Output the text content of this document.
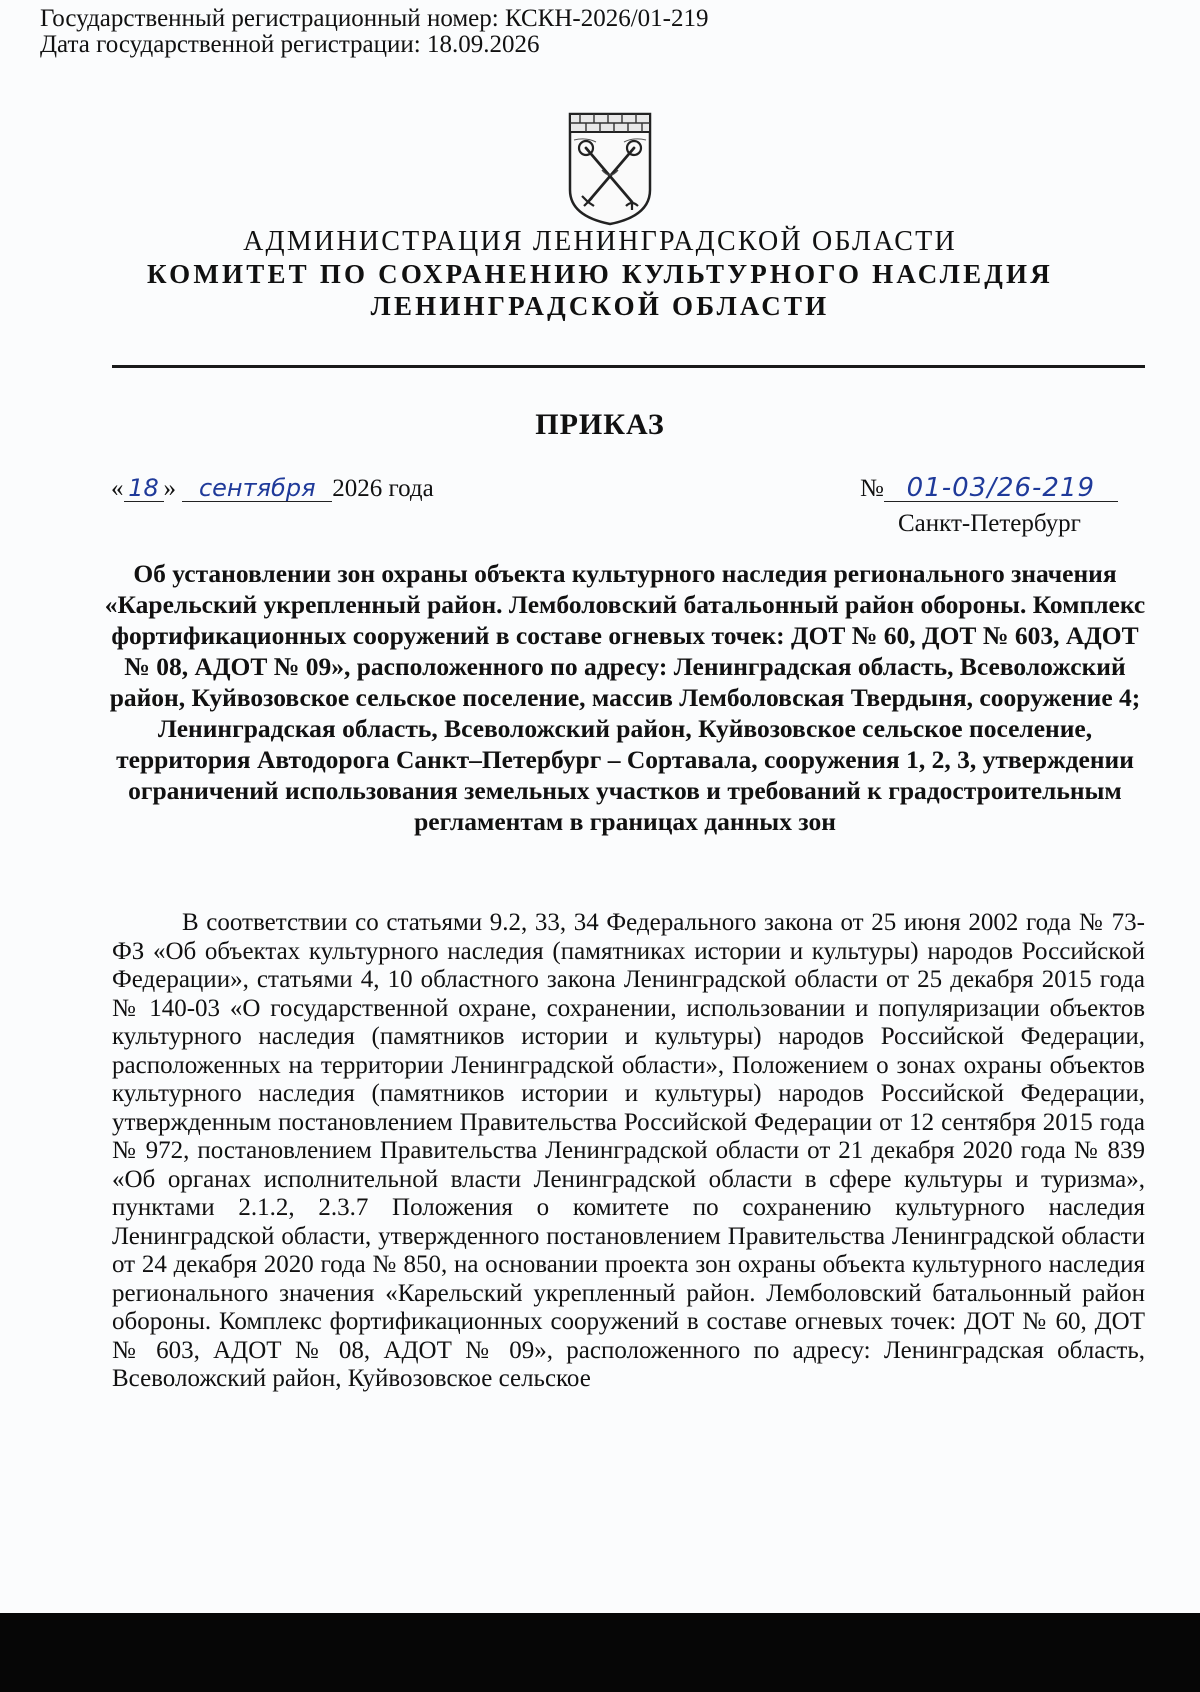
Государственный регистрационный номер: КСКН-2026/01-219
Дата государственной регистрации: 18.09.2026
АДМИНИСТРАЦИЯ ЛЕНИНГРАДСКОЙ ОБЛАСТИ
КОМИТЕТ ПО СОХРАНЕНИЮ КУЛЬТУРНОГО НАСЛЕДИЯ
ЛЕНИНГРАДСКОЙ ОБЛАСТИ
ПРИКАЗ
« 18 » сентября 2026 года	№ 01-03/26-219
Санкт-Петербург
Об установлении зон охраны объекта культурного наследия регионального значения «Карельский укрепленный район. Лемболовский батальонный район обороны. Комплекс фортификационных сооружений в составе огневых точек: ДОТ № 60, ДОТ № 603, АДОТ № 08, АДОТ № 09», расположенного по адресу: Ленинградская область, Всеволожский район, Куйвозовское сельское поселение, массив Лемболовская Твердыня, сооружение 4; Ленинградская область, Всеволожский район, Куйвозовское сельское поселение, территория Автодорога Санкт–Петербург – Сортавала, сооружения 1, 2, 3, утверждении ограничений использования земельных участков и требований к градостроительным регламентам в границах данных зон

В соответствии со статьями 9.2, 33, 34 Федерального закона от 25 июня 2002 года № 73-ФЗ «Об объектах культурного наследия (памятниках истории и культуры) народов Российской Федерации», статьями 4, 10 областного закона Ленинградской области от 25 декабря 2015 года № 140-03 «О государственной охране, сохранении, использовании и популяризации объектов культурного наследия (памятников истории и культуры) народов Российской Федерации, расположенных на территории Ленинградской области», Положением о зонах охраны объектов культурного наследия (памятников истории и культуры) народов Российской Федерации, утвержденным постановлением Правительства Российской Федерации от 12 сентября 2015 года № 972, постановлением Правительства Ленинградской области от 21 декабря 2020 года № 839 «Об органах исполнительной власти Ленинградской области в сфере культуры и туризма», пунктами 2.1.2, 2.3.7 Положения о комитете по сохранению культурного наследия Ленинградской области, утвержденного постановлением Правительства Ленинградской области от 24 декабря 2020 года № 850, на основании проекта зон охраны объекта культурного наследия регионального значения «Карельский укрепленный район. Лемболовский батальонный район обороны. Комплекс фортификационных сооружений в составе огневых точек: ДОТ № 60, ДОТ № 603, АДОТ № 08, АДОТ № 09», расположенного по адресу: Ленинградская область, Всеволожский район, Куйвозовское сельское
